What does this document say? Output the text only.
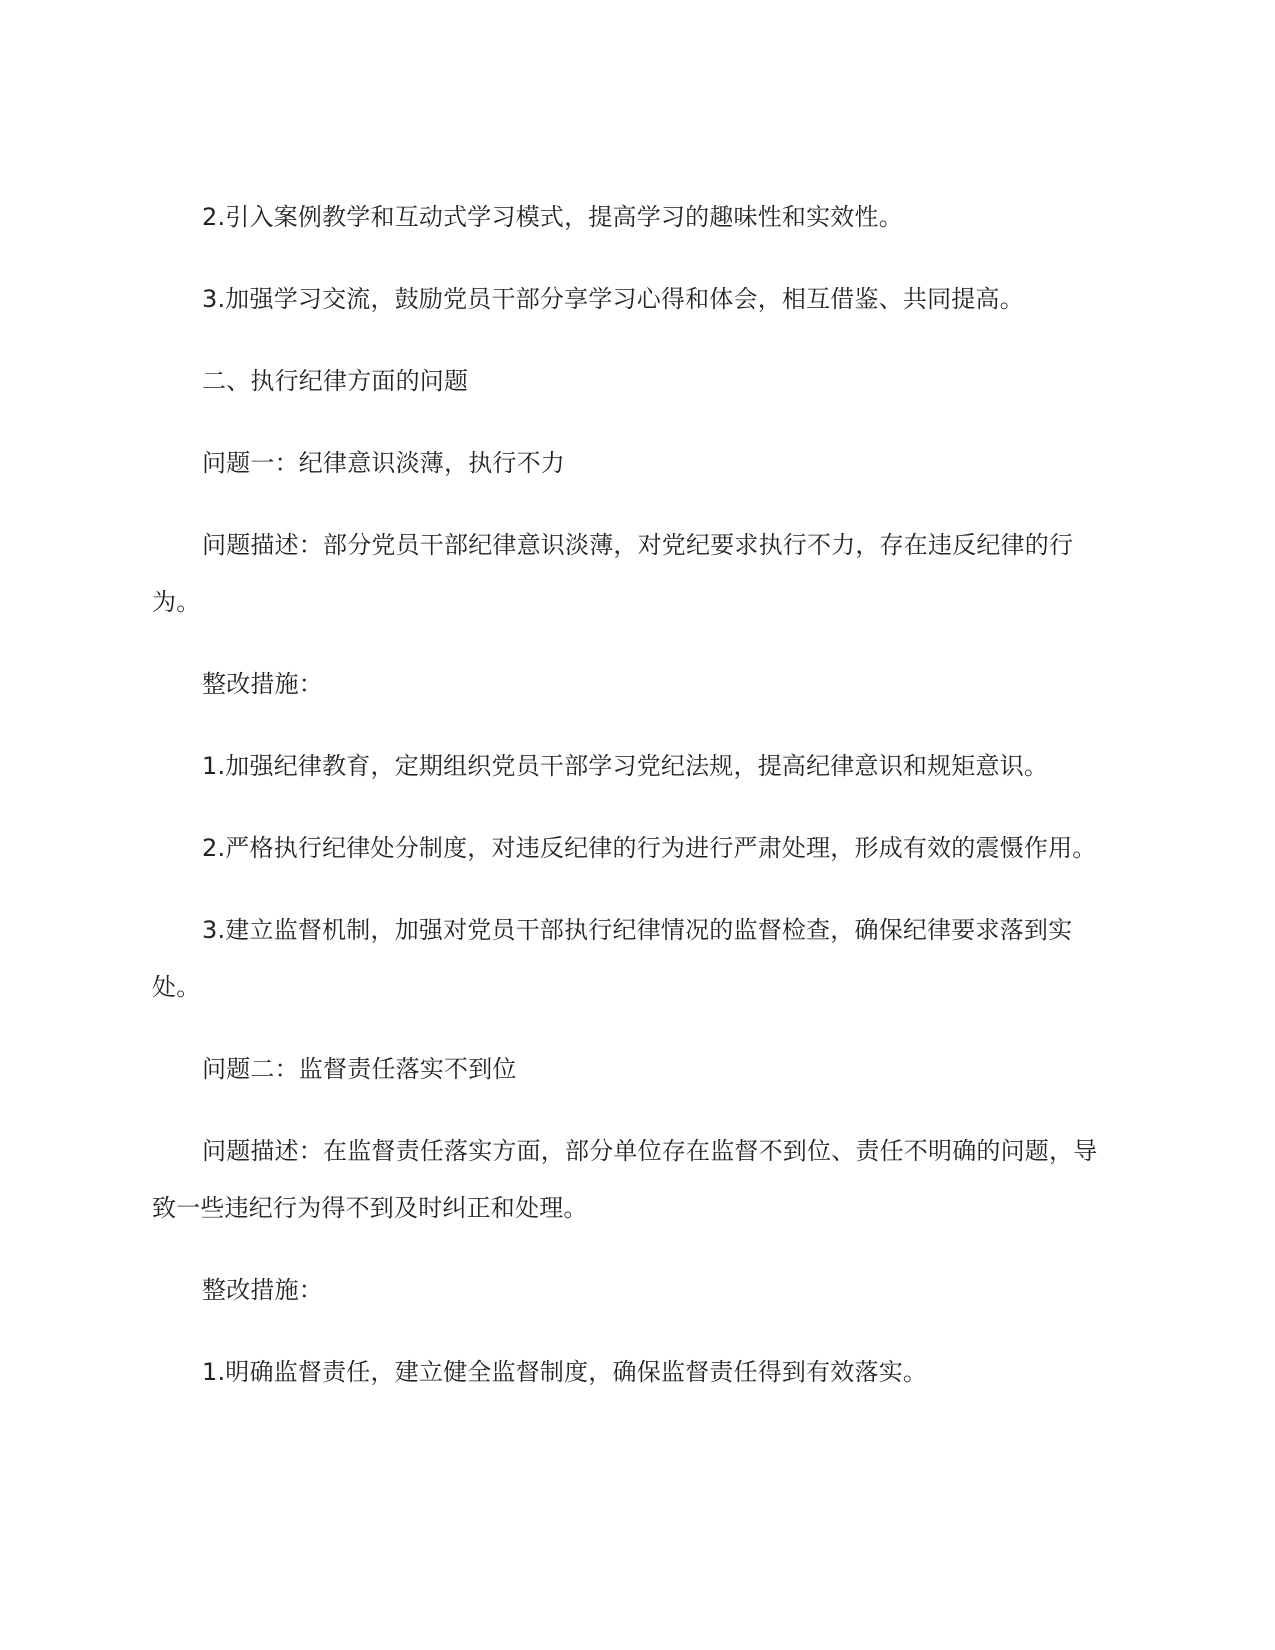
2.引入案例教学和互动式学习模式，提高学习的趣味性和实效性。

3.加强学习交流，鼓励党员干部分享学习心得和体会，相互借鉴、共同提高。

二、执行纪律方面的问题

问题一：纪律意识淡薄，执行不力

问题描述：部分党员干部纪律意识淡薄，对党纪要求执行不力，存在违反纪律的行为。

整改措施：

1.加强纪律教育，定期组织党员干部学习党纪法规，提高纪律意识和规矩意识。

2.严格执行纪律处分制度，对违反纪律的行为进行严肃处理，形成有效的震慑作用。

3.建立监督机制，加强对党员干部执行纪律情况的监督检查，确保纪律要求落到实处。

问题二：监督责任落实不到位

问题描述：在监督责任落实方面，部分单位存在监督不到位、责任不明确的问题，导致一些违纪行为得不到及时纠正和处理。

整改措施：

1.明确监督责任，建立健全监督制度，确保监督责任得到有效落实。
